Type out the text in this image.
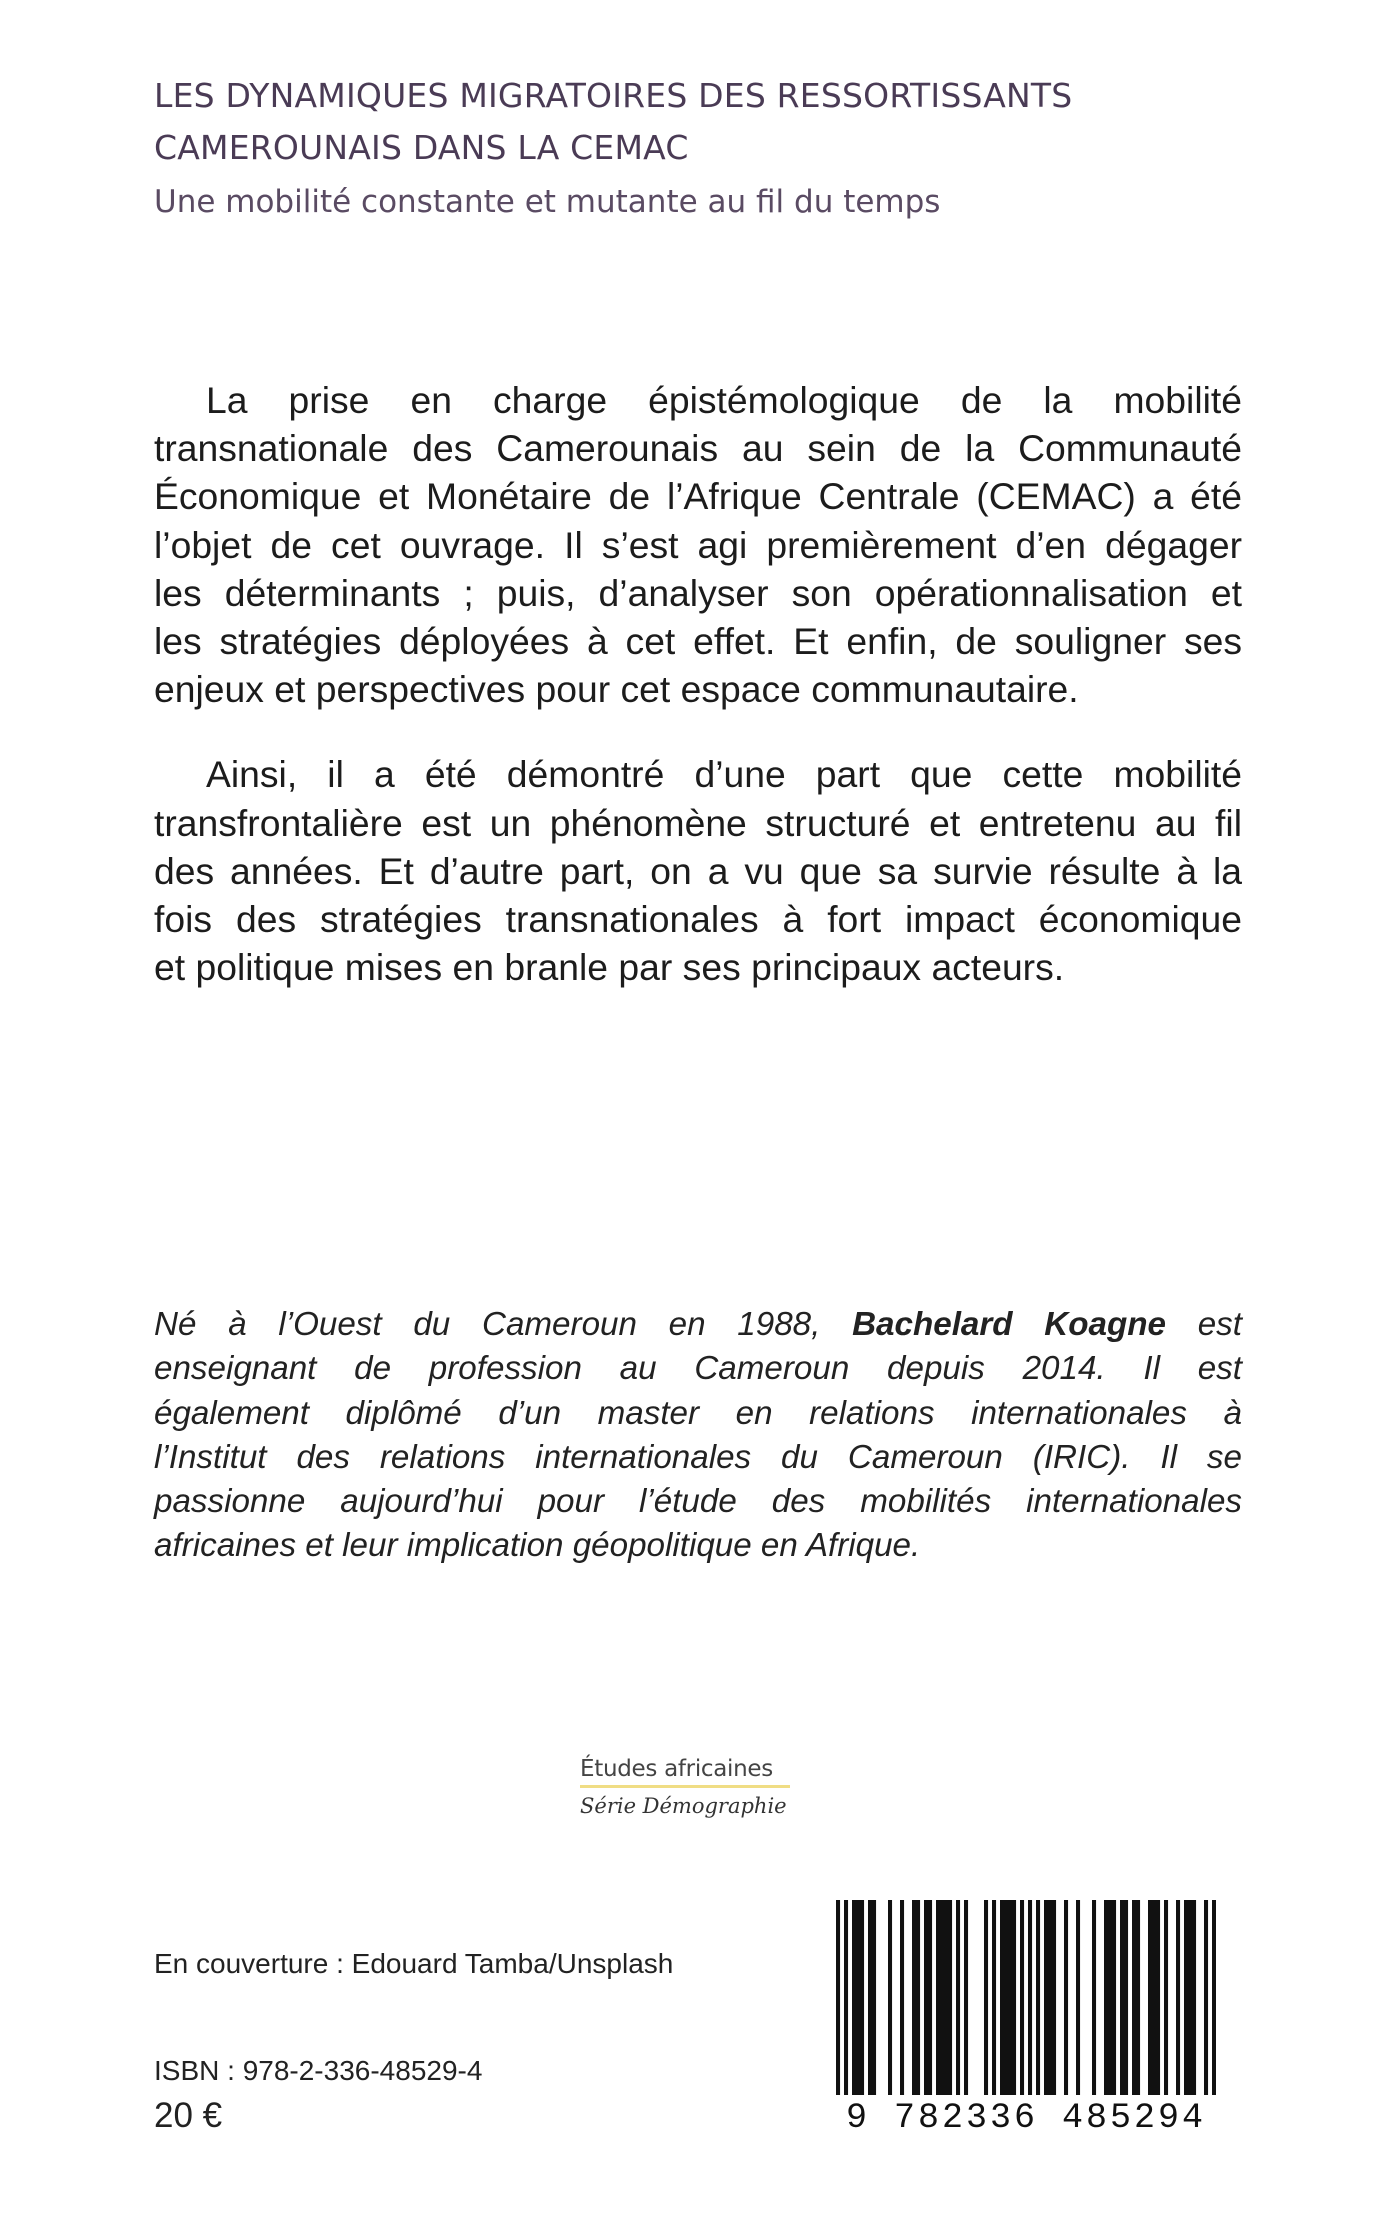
LES DYNAMIQUES MIGRATOIRES DES RESSORTISSANTS
CAMEROUNAIS DANS LA CEMAC
Une mobilité constante et mutante au fil du temps
La prise en charge épistémologique de la mobilité
transnationale des Camerounais au sein de la Communauté
Économique et Monétaire de l’Afrique Centrale (CEMAC) a été
l’objet de cet ouvrage. Il s’est agi premièrement d’en dégager
les déterminants ; puis, d’analyser son opérationnalisation et
les stratégies déployées à cet effet. Et enfin, de souligner ses
enjeux et perspectives pour cet espace communautaire.
Ainsi, il a été démontré d’une part que cette mobilité
transfrontalière est un phénomène structuré et entretenu au fil
des années. Et d’autre part, on a vu que sa survie résulte à la
fois des stratégies transnationales à fort impact économique
et politique mises en branle par ses principaux acteurs.
Né à l’Ouest du Cameroun en 1988, Bachelard Koagne est
enseignant de profession au Cameroun depuis 2014. Il est
également diplômé d’un master en relations internationales à
l’Institut des relations internationales du Cameroun (IRIC). Il se
passionne aujourd’hui pour l’étude des mobilités internationales
africaines et leur implication géopolitique en Afrique.
Études africaines
Série Démographie
En couverture : Edouard Tamba/Unsplash
ISBN : 978-2-336-48529-4
20 €	9 782336 485294
